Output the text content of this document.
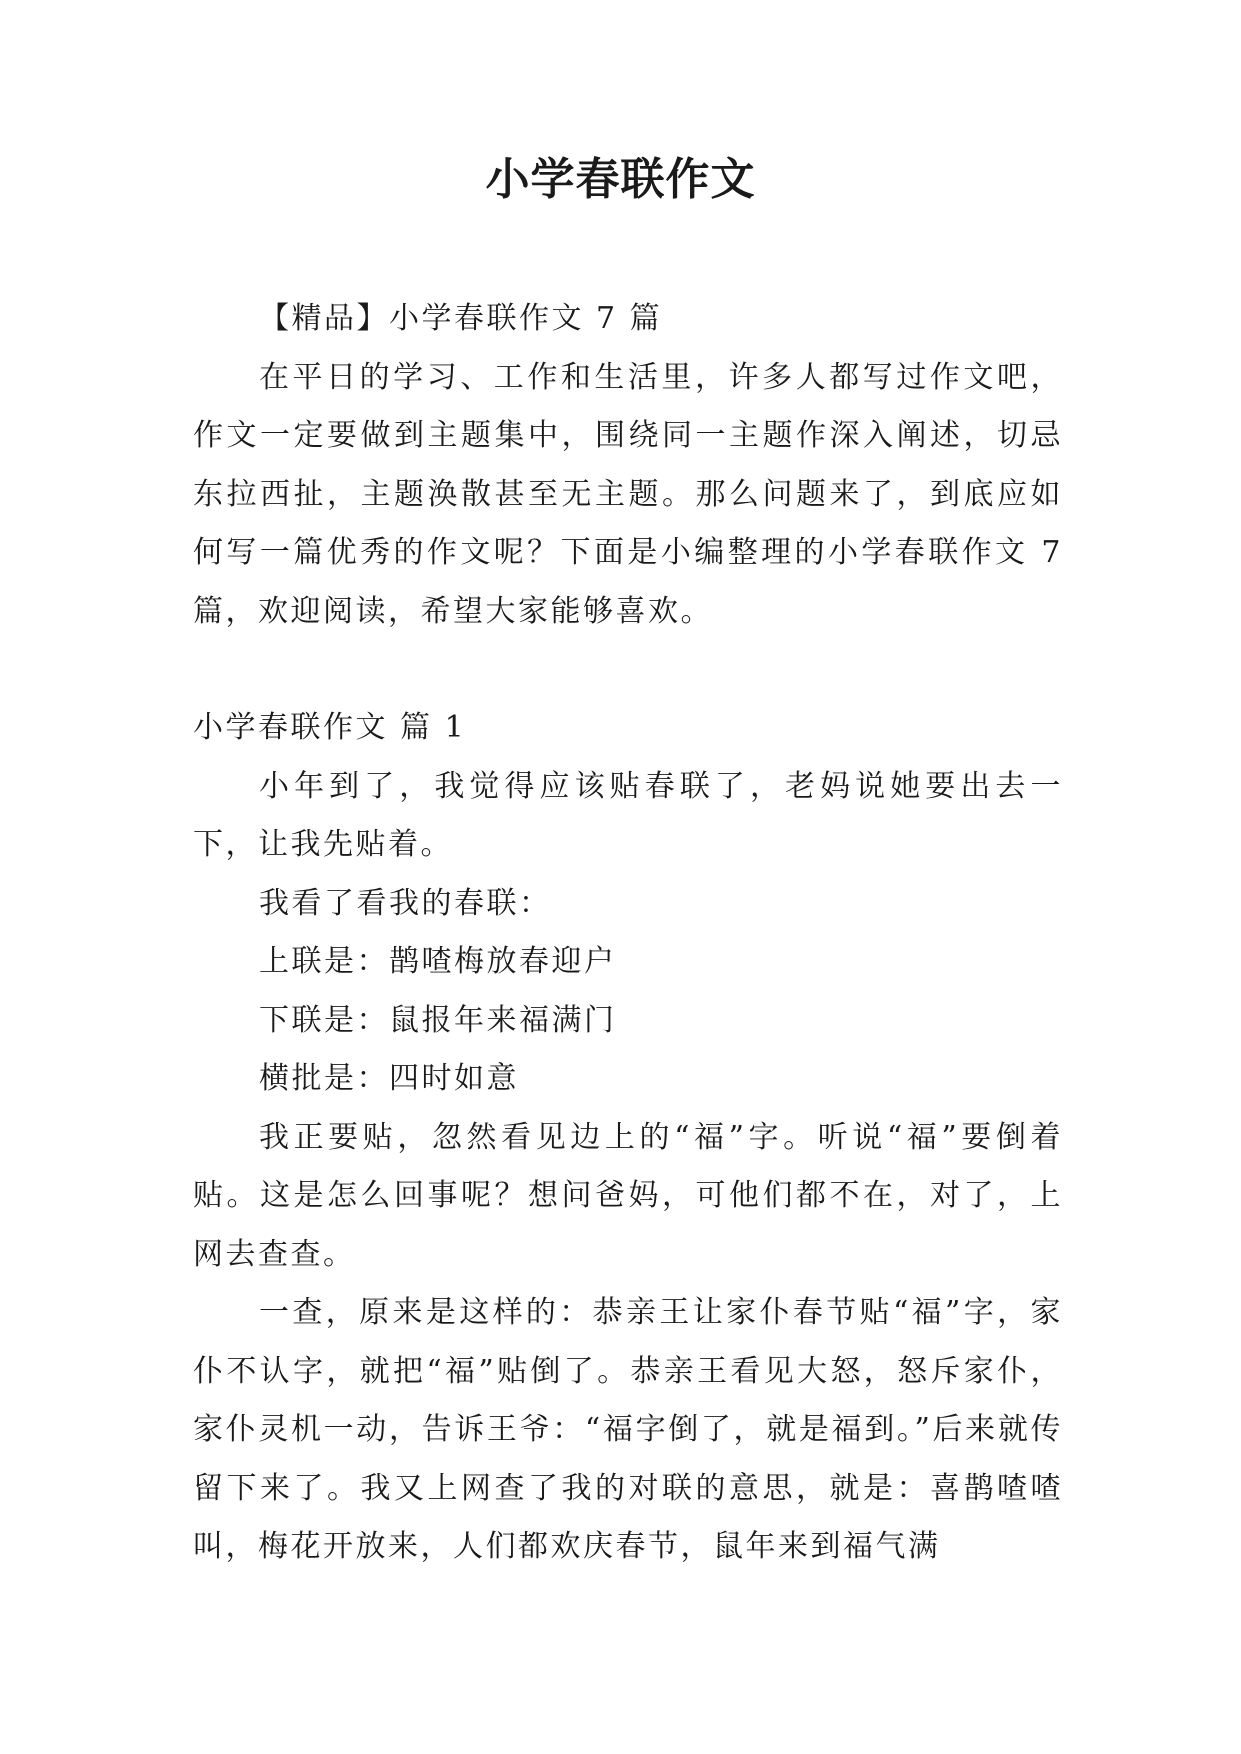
小学春联作文

【精品】小学春联作文 7 篇

在平日的学习、工作和生活里，许多人都写过作文吧，作文一定要做到主题集中，围绕同一主题作深入阐述，切忌东拉西扯，主题涣散甚至无主题。那么问题来了，到底应如何写一篇优秀的作文呢？下面是小编整理的小学春联作文 7 篇，欢迎阅读，希望大家能够喜欢。

小学春联作文 篇 1

小年到了，我觉得应该贴春联了，老妈说她要出去一下，让我先贴着。

我看了看我的春联：

上联是：鹊喳梅放春迎户

下联是：鼠报年来福满门

横批是：四时如意

我正要贴，忽然看见边上的“福”字。听说“福”要倒着贴。这是怎么回事呢？想问爸妈，可他们都不在，对了，上网去查查。

一查，原来是这样的：恭亲王让家仆春节贴“福”字，家仆不认字，就把“福”贴倒了。恭亲王看见大怒，怒斥家仆，家仆灵机一动，告诉王爷：“福字倒了，就是福到。”后来就传留下来了。我又上网查了我的对联的意思，就是：喜鹊喳喳叫，梅花开放来，人们都欢庆春节，鼠年来到福气满
